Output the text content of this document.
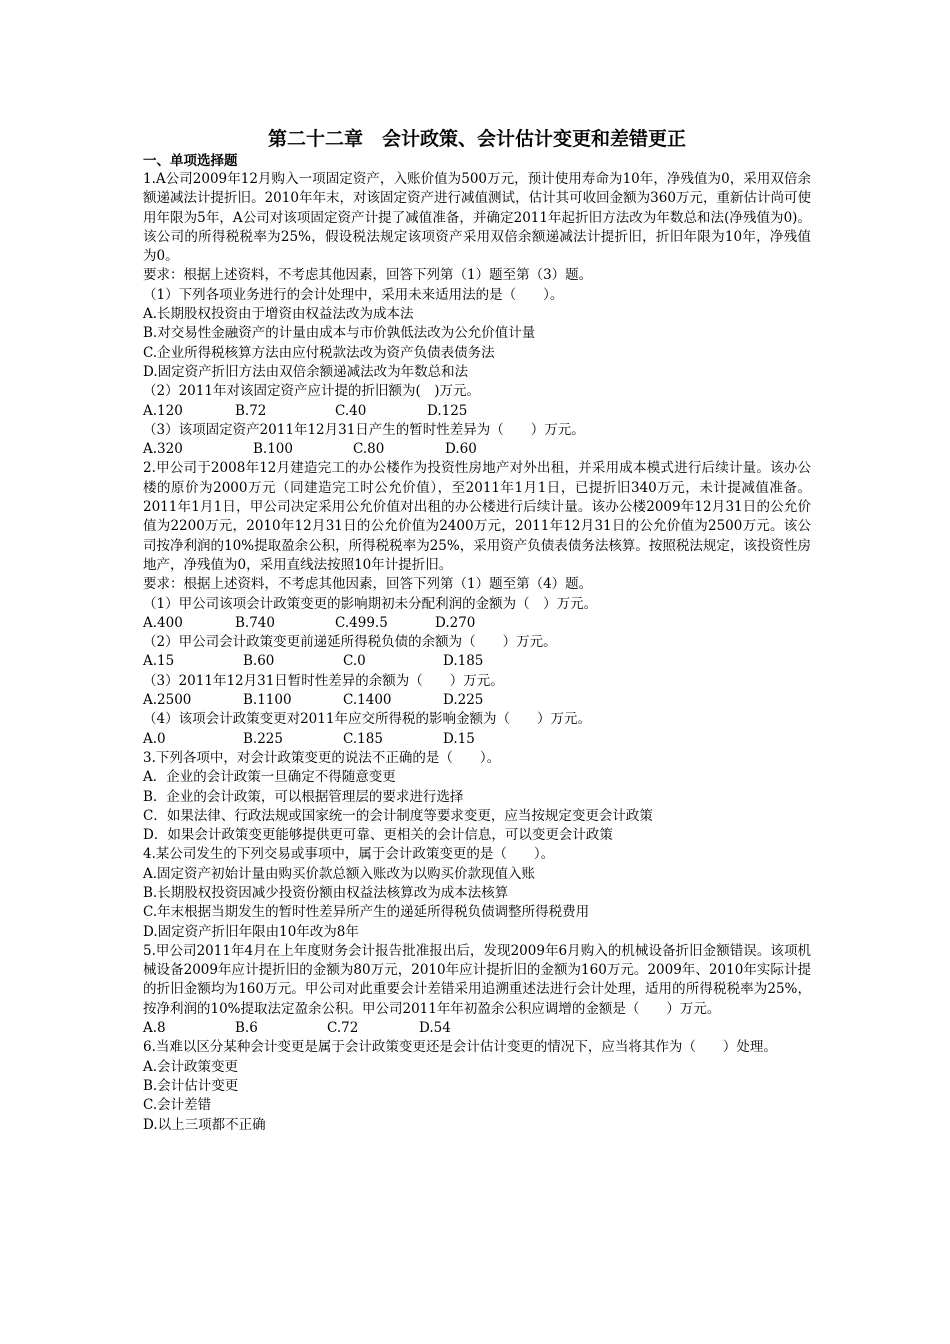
第二十二章　会计政策、会计估计变更和差错更正

一、单项选择题

1.A公司2009年12月购入一项固定资产，入账价值为500万元，预计使用寿命为10年，净残值为0，采用双倍余额递减法计提折旧。2010年年末，对该固定资产进行减值测试，估计其可收回金额为360万元，重新估计尚可使用年限为5年，A公司对该项固定资产计提了减值准备，并确定2011年起折旧方法改为年数总和法(净残值为0)。该公司的所得税税率为25%，假设税法规定该项资产采用双倍余额递减法计提折旧，折旧年限为10年，净残值为0。

要求：根据上述资料，不考虑其他因素，回答下列第（1）题至第（3）题。

（1）下列各项业务进行的会计处理中，采用未来适用法的是（　　）。

A.长期股权投资由于增资由权益法改为成本法

B.对交易性金融资产的计量由成本与市价孰低法改为公允价值计量

C.企业所得税核算方法由应付税款法改为资产负债表债务法

D.固定资产折旧方法由双倍余额递减法改为年数总和法

（2）2011年对该固定资产应计提的折旧额为(　)万元。

A.120	B.72	C.40	D.125

（3）该项固定资产2011年12月31日产生的暂时性差异为（　　）万元。

A.320	B.100	C.80	D.60

2.甲公司于2008年12月建造完工的办公楼作为投资性房地产对外出租，并采用成本模式进行后续计量。该办公楼的原价为2000万元（同建造完工时公允价值），至2011年1月1日，已提折旧340万元，未计提减值准备。2011年1月1日，甲公司决定采用公允价值对出租的办公楼进行后续计量。该办公楼2009年12月31日的公允价值为2200万元，2010年12月31日的公允价值为2400万元，2011年12月31日的公允价值为2500万元。该公司按净利润的10%提取盈余公积，所得税税率为25%，采用资产负债表债务法核算。按照税法规定，该投资性房地产，净残值为0，采用直线法按照10年计提折旧。

要求：根据上述资料，不考虑其他因素，回答下列第（1）题至第（4）题。

（1）甲公司该项会计政策变更的影响期初未分配利润的金额为（　）万元。

A.400	B.740	C.499.5	D.270

（2）甲公司会计政策变更前递延所得税负债的余额为（　　）万元。

A.15	B.60	C.0	D.185

（3）2011年12月31日暂时性差异的余额为（　　）万元。

A.2500	B.1100	C.1400	D.225

（4）该项会计政策变更对2011年应交所得税的影响金额为（　　）万元。

A.0	B.225	C.185	D.15

3.下列各项中，对会计政策变更的说法不正确的是（　　）。

A．企业的会计政策一旦确定不得随意变更

B．企业的会计政策，可以根据管理层的要求进行选择

C．如果法律、行政法规或国家统一的会计制度等要求变更，应当按规定变更会计政策

D．如果会计政策变更能够提供更可靠、更相关的会计信息，可以变更会计政策

4.某公司发生的下列交易或事项中，属于会计政策变更的是（　　）。

A.固定资产初始计量由购买价款总额入账改为以购买价款现值入账

B.长期股权投资因减少投资份额由权益法核算改为成本法核算

C.年末根据当期发生的暂时性差异所产生的递延所得税负债调整所得税费用

D.固定资产折旧年限由10年改为8年

5.甲公司2011年4月在上年度财务会计报告批准报出后，发现2009年6月购入的机械设备折旧金额错误。该项机械设备2009年应计提折旧的金额为80万元，2010年应计提折旧的金额为160万元。2009年、2010年实际计提的折旧金额均为160万元。甲公司对此重要会计差错采用追溯重述法进行会计处理，适用的所得税税率为25%，按净利润的10%提取法定盈余公积。甲公司2011年年初盈余公积应调增的金额是（　　）万元。

A.8	B.6	C.72	D.54

6.当难以区分某种会计变更是属于会计政策变更还是会计估计变更的情况下，应当将其作为（　　）处理。

A.会计政策变更

B.会计估计变更

C.会计差错

D.以上三项都不正确
